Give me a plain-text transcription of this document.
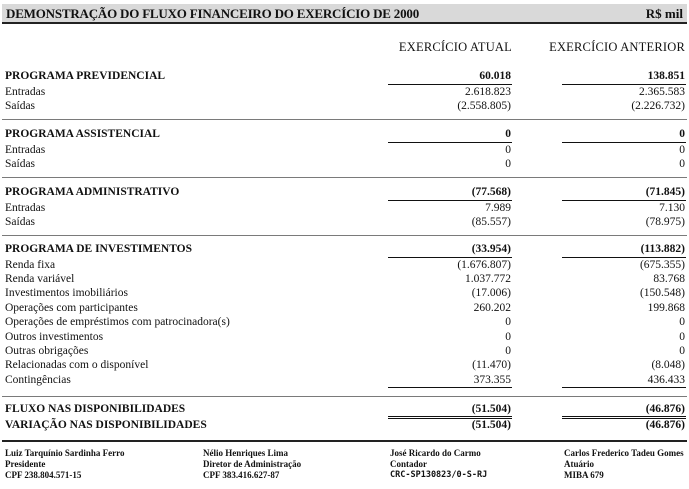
DEMONSTRAÇÃO DO FLUXO FINANCEIRO DO EXERCÍCIO DE 2000	R$ mil
EXERCÍCIO ATUAL	EXERCÍCIO ANTERIOR
PROGRAMA PREVIDENCIAL	60.018	138.851
Entradas	2.618.823	2.365.583
Saídas	(2.558.805)	(2.226.732)
PROGRAMA ASSISTENCIAL	0	0
Entradas	0	0
Saídas	0	0
PROGRAMA ADMINISTRATIVO	(77.568)	(71.845)
Entradas	7.989	7.130
Saídas	(85.557)	(78.975)
PROGRAMA DE INVESTIMENTOS	(33.954)	(113.882)
Renda fixa	(1.676.807)	(675.355)
Renda variável	1.037.772	83.768
Investimentos imobiliários	(17.006)	(150.548)
Operações com participantes	260.202	199.868
Operações de empréstimos com patrocinadora(s)	0	0
Outros investimentos	0	0
Outras obrigações	0	0
Relacionadas com o disponível	(11.470)	(8.048)
Contingências	373.355	436.433
FLUXO NAS DISPONIBILIDADES	(51.504)	(46.876)
VARIAÇÃO NAS DISPONIBILIDADES	(51.504)	(46.876)
Luiz Tarquínio Sardinha Ferro
Presidente
CPF 238.804.571-15
Nélio Henriques Lima
Diretor de Administração
CPF 383.416.627-87
José Ricardo do Carmo
Contador
CRC-SP130823/0-S-RJ
Carlos Frederico Tadeu Gomes
Atuário
MIBA 679
